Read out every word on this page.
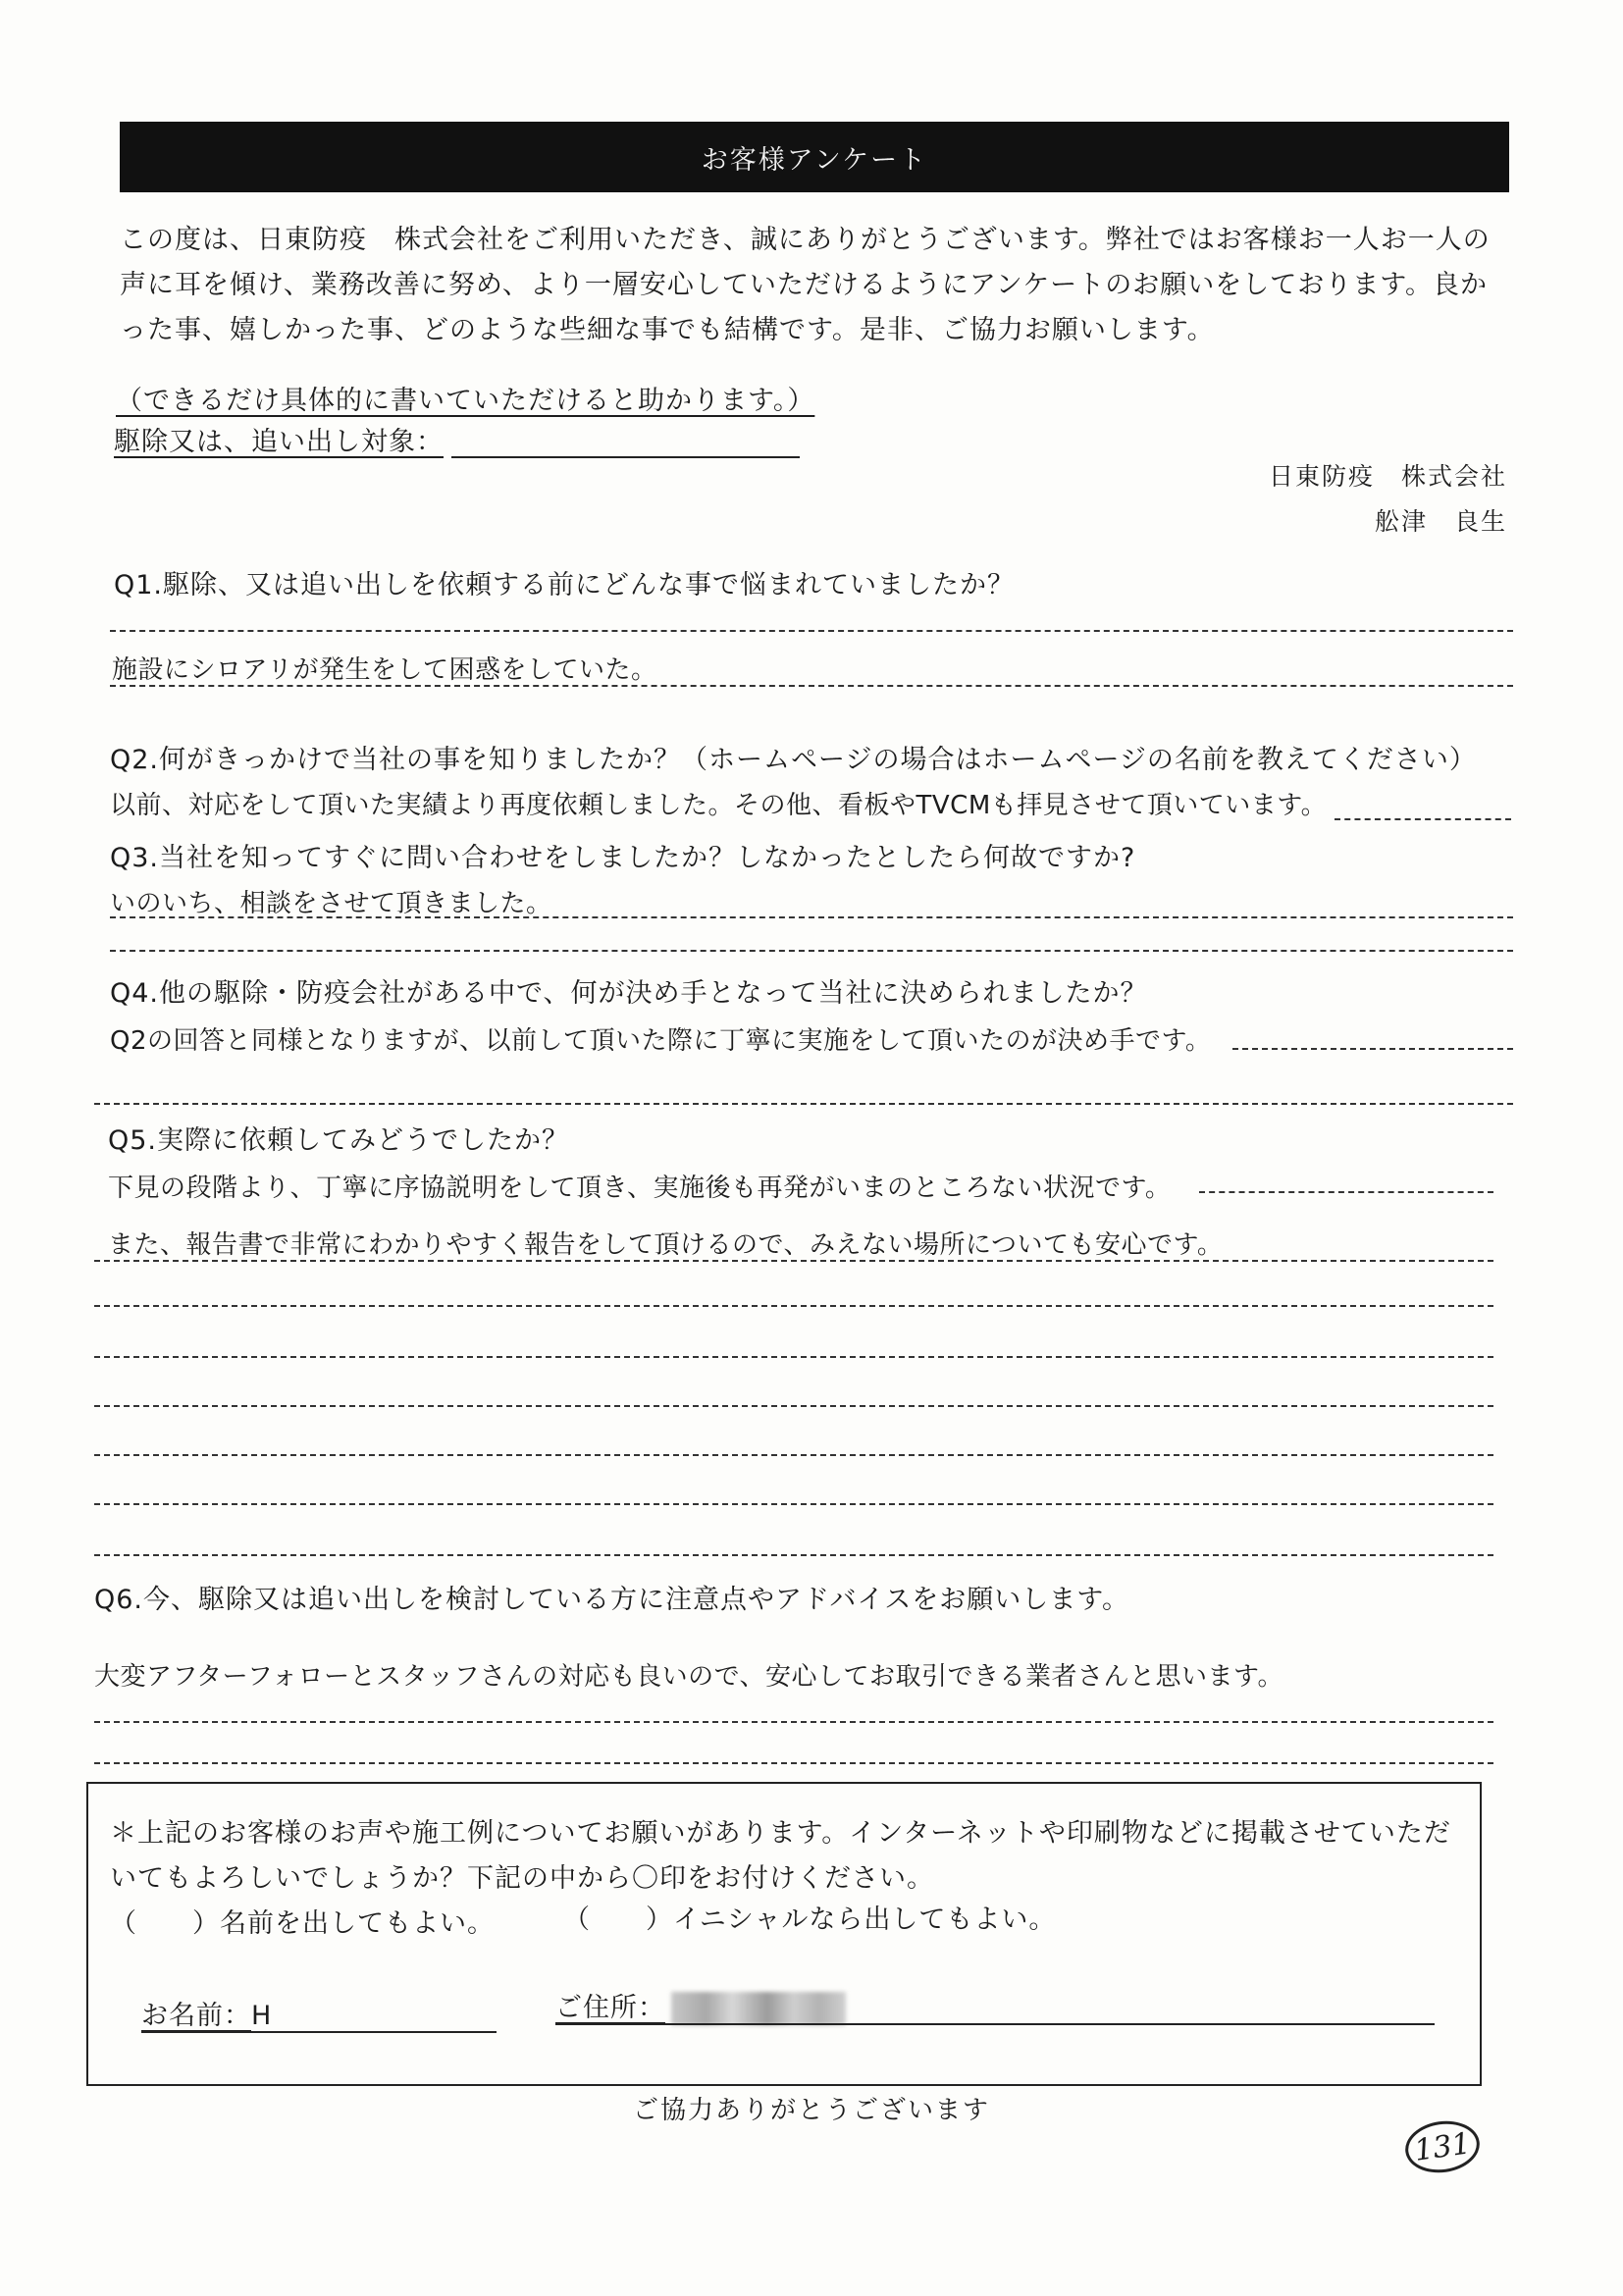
お客様アンケート

この度は、日東防疫　株式会社をご利用いただき、誠にありがとうございます。弊社ではお客様お一人お一人の

声に耳を傾け、業務改善に努め、より一層安心していただけるようにアンケートのお願いをしております。良か

った事、嬉しかった事、どのような些細な事でも結構です。是非、ご協力お願いします。

（できるだけ具体的に書いていただけると助かります。）
駆除又は、追い出し対象：
日東防疫　株式会社
舩津　良生
Q1.駆除、又は追い出しを依頼する前にどんな事で悩まれていましたか？
施設にシロアリが発生をして困惑をしていた。
Q2.何がきっかけで当社の事を知りましたか？（ホームページの場合はホームページの名前を教えてください）
以前、対応をして頂いた実績より再度依頼しました。その他、看板やTVCMも拝見させて頂いています。
Q3.当社を知ってすぐに問い合わせをしましたか？しなかったとしたら何故ですか?
いのいち、相談をさせて頂きました。
Q4.他の駆除・防疫会社がある中で、何が決め手となって当社に決められましたか？
Q2の回答と同様となりますが、以前して頂いた際に丁寧に実施をして頂いたのが決め手です。
Q5.実際に依頼してみどうでしたか？
下見の段階より、丁寧に序協説明をして頂き、実施後も再発がいまのところない状況です。
また、報告書で非常にわかりやすく報告をして頂けるので、みえない場所についても安心です。
Q6.今、駆除又は追い出しを検討している方に注意点やアドバイスをお願いします。
大変アフターフォローとスタッフさんの対応も良いので、安心してお取引できる業者さんと思います。
＊上記のお客様のお声や施工例についてお願いがあります。インターネットや印刷物などに掲載させていただ
いてもよろしいでしょうか？下記の中から〇印をお付けください。
（　　）名前を出してもよい。	（　　）イニシャルなら出してもよい。
お名前：H	ご住所：
ご協力ありがとうございます
131
